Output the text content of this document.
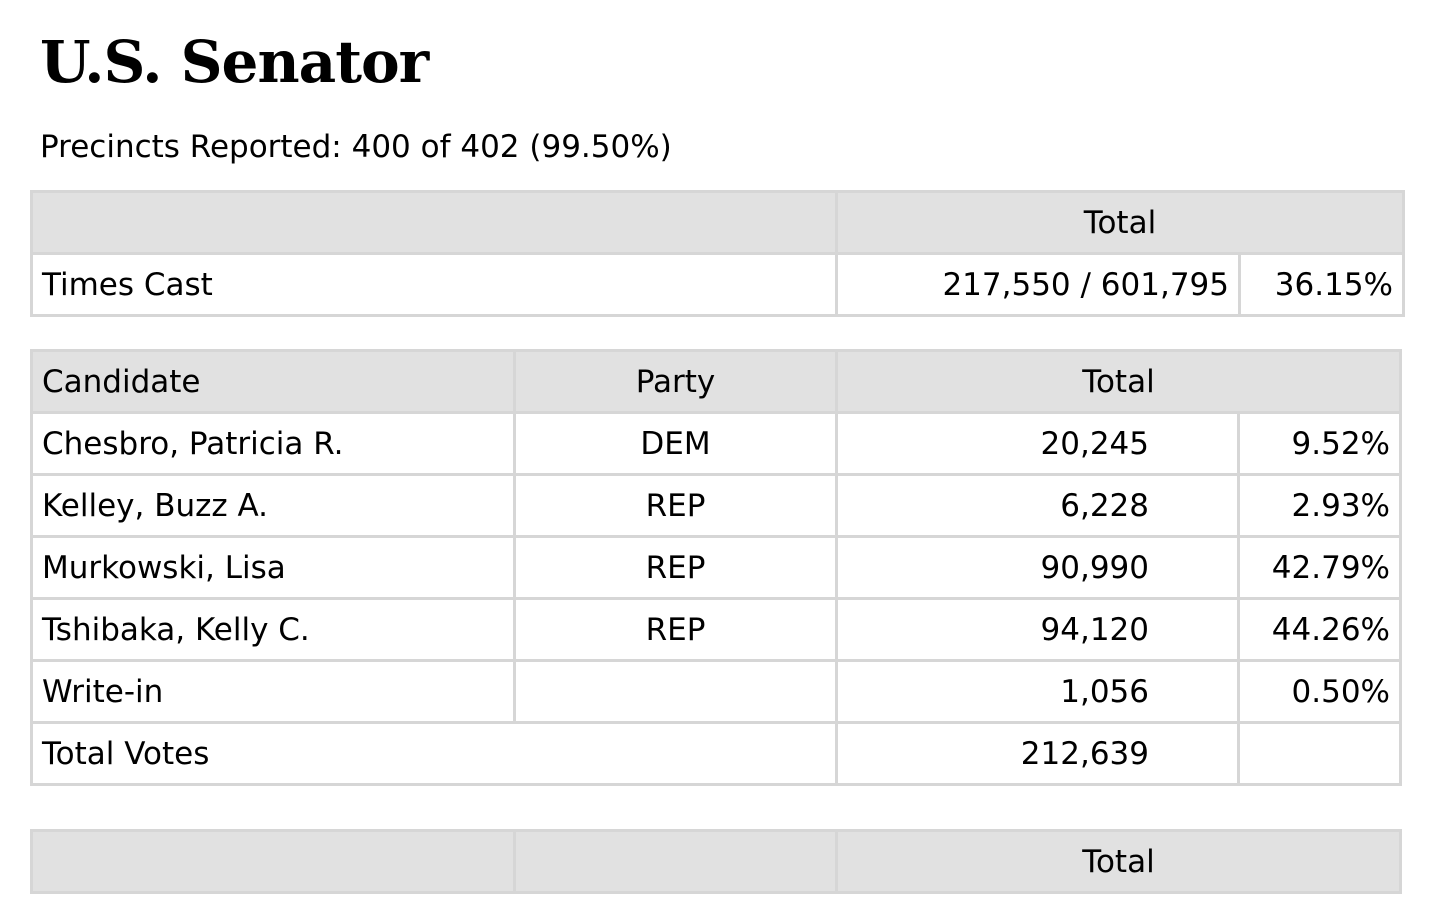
U.S. Senator
Precincts Reported: 400 of 402 (99.50%)
	Total	
Times Cast	217,550 / 601,795	36.15%
Candidate	Party	Total	
Chesbro, Patricia R.	DEM	20,245	9.52%
Kelley, Buzz A.	REP	6,228	2.93%
Murkowski, Lisa	REP	90,990	42.79%
Tshibaka, Kelly C.	REP	94,120	44.26%
Write-in		1,056	0.50%
Total Votes		212,639	
		Total
